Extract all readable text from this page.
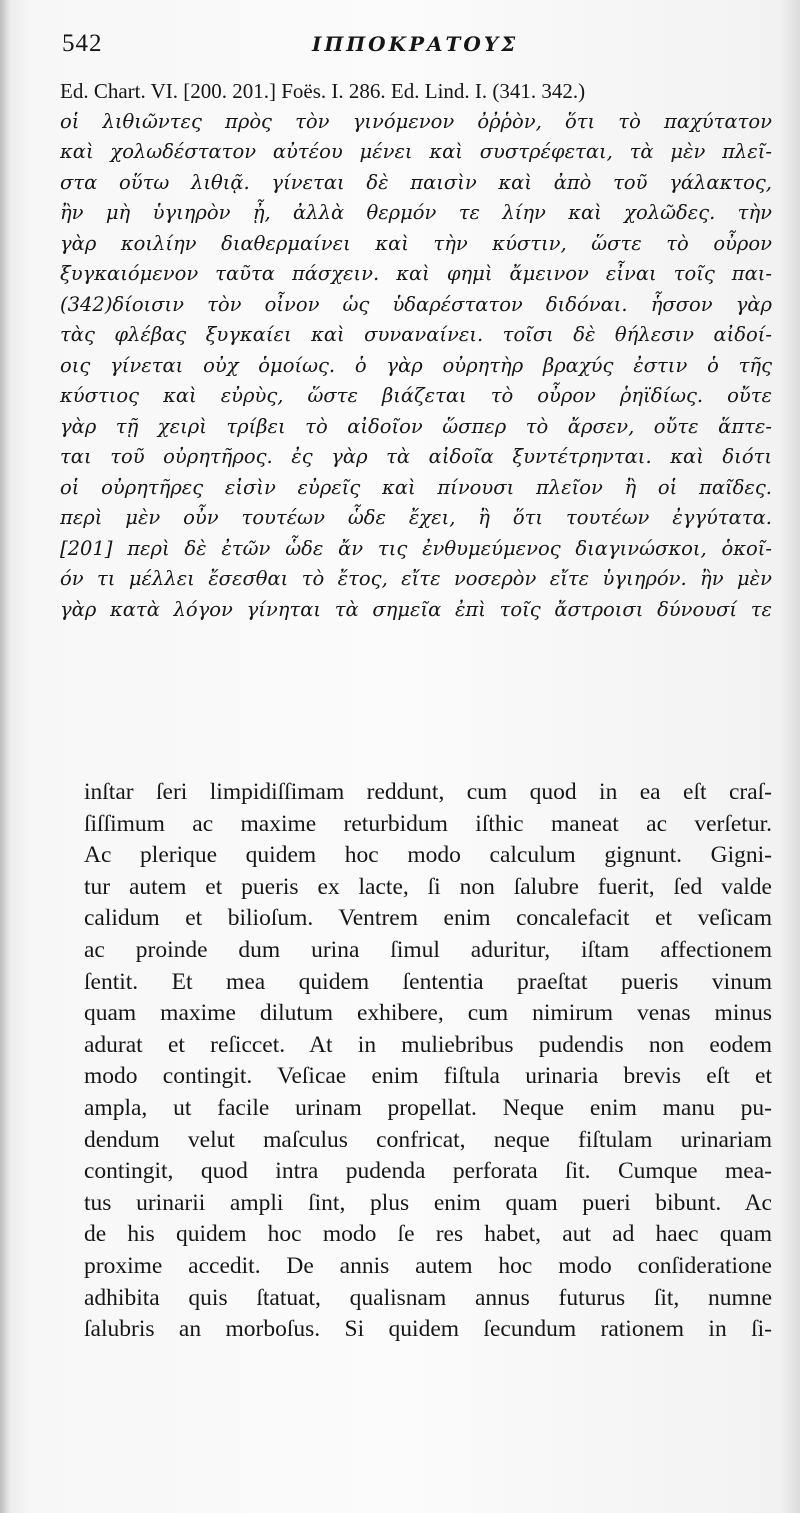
542	ΙΠΠΟΚΡΑΤΟΥΣ
Ed. Chart. VI. [200. 201.] Foës. I. 286. Ed. Lind. I. (341. 342.)
οἱ λιθιῶντες πρὸς τὸν γινόμενον ὀῤῥὸν, ὅτι τὸ παχύτατον
καὶ χολωδέστατον αὐτέου μένει καὶ συστρέφεται, τὰ μὲν πλεῖ-
στα οὕτω λιθιᾷ. γίνεται δὲ παισὶν καὶ ἀπὸ τοῦ γάλακτος,
ἢν μὴ ὑγιηρὸν ᾖ, ἀλλὰ θερμόν τε λίην καὶ χολῶδες. τὴν
γὰρ κοιλίην διαθερμαίνει καὶ τὴν κύστιν, ὥστε τὸ οὖρον
ξυγκαιόμενον ταῦτα πάσχειν. καὶ φημὶ ἄμεινον εἶναι τοῖς παι-
(342)δίοισιν τὸν οἶνον ὡς ὑδαρέστατον διδόναι. ἧσσον γὰρ
τὰς φλέβας ξυγκαίει καὶ συναναίνει. τοῖσι δὲ θήλεσιν αἰδοί-
οις γίνεται οὐχ ὁμοίως. ὁ γὰρ οὐρητὴρ βραχύς ἐστιν ὁ τῆς
κύστιος καὶ εὐρὺς, ὥστε βιάζεται τὸ οὖρον ῥηϊδίως. οὔτε
γὰρ τῇ χειρὶ τρίβει τὸ αἰδοῖον ὥσπερ τὸ ἄρσεν, οὔτε ἅπτε-
ται τοῦ οὐρητῆρος. ἐς γὰρ τὰ αἰδοῖα ξυντέτρηνται. καὶ διότι
οἱ οὐρητῆρες εἰσὶν εὐρεῖς καὶ πίνουσι πλεῖον ἢ οἱ παῖδες.
περὶ μὲν οὖν τουτέων ὧδε ἔχει, ἢ ὅτι τουτέων ἐγγύτατα.
[201] περὶ δὲ ἐτῶν ὧδε ἄν τις ἐνθυμεύμενος διαγινώσκοι, ὁκοῖ-
όν τι μέλλει ἔσεσθαι τὸ ἔτος, εἴτε νοσερὸν εἴτε ὑγιηρόν. ἢν μὲν
γὰρ κατὰ λόγον γίνηται τὰ σημεῖα ἐπὶ τοῖς ἄστροισι δύνουσί τε
inſtar ſeri limpidiſſimam reddunt, cum quod in ea eſt craſ-
ſiſſimum ac maxime returbidum iſthic maneat ac verſetur.
Ac plerique quidem hoc modo calculum gignunt. Gigni-
tur autem et pueris ex lacte, ſi non ſalubre fuerit, ſed valde
calidum et bilioſum. Ventrem enim concalefacit et veſicam
ac proinde dum urina ſimul aduritur, iſtam affectionem
ſentit. Et mea quidem ſententia praeſtat pueris vinum
quam maxime dilutum exhibere, cum nimirum venas minus
adurat et reſiccet. At in muliebribus pudendis non eodem
modo contingit. Veſicae enim fiſtula urinaria brevis eſt et
ampla, ut facile urinam propellat. Neque enim manu pu-
dendum velut maſculus confricat, neque fiſtulam urinariam
contingit, quod intra pudenda perforata ſit. Cumque mea-
tus urinarii ampli ſint, plus enim quam pueri bibunt. Ac
de his quidem hoc modo ſe res habet, aut ad haec quam
proxime accedit. De annis autem hoc modo conſideratione
adhibita quis ſtatuat, qualisnam annus futurus ſit, numne
ſalubris an morboſus. Si quidem ſecundum rationem in ſi-
